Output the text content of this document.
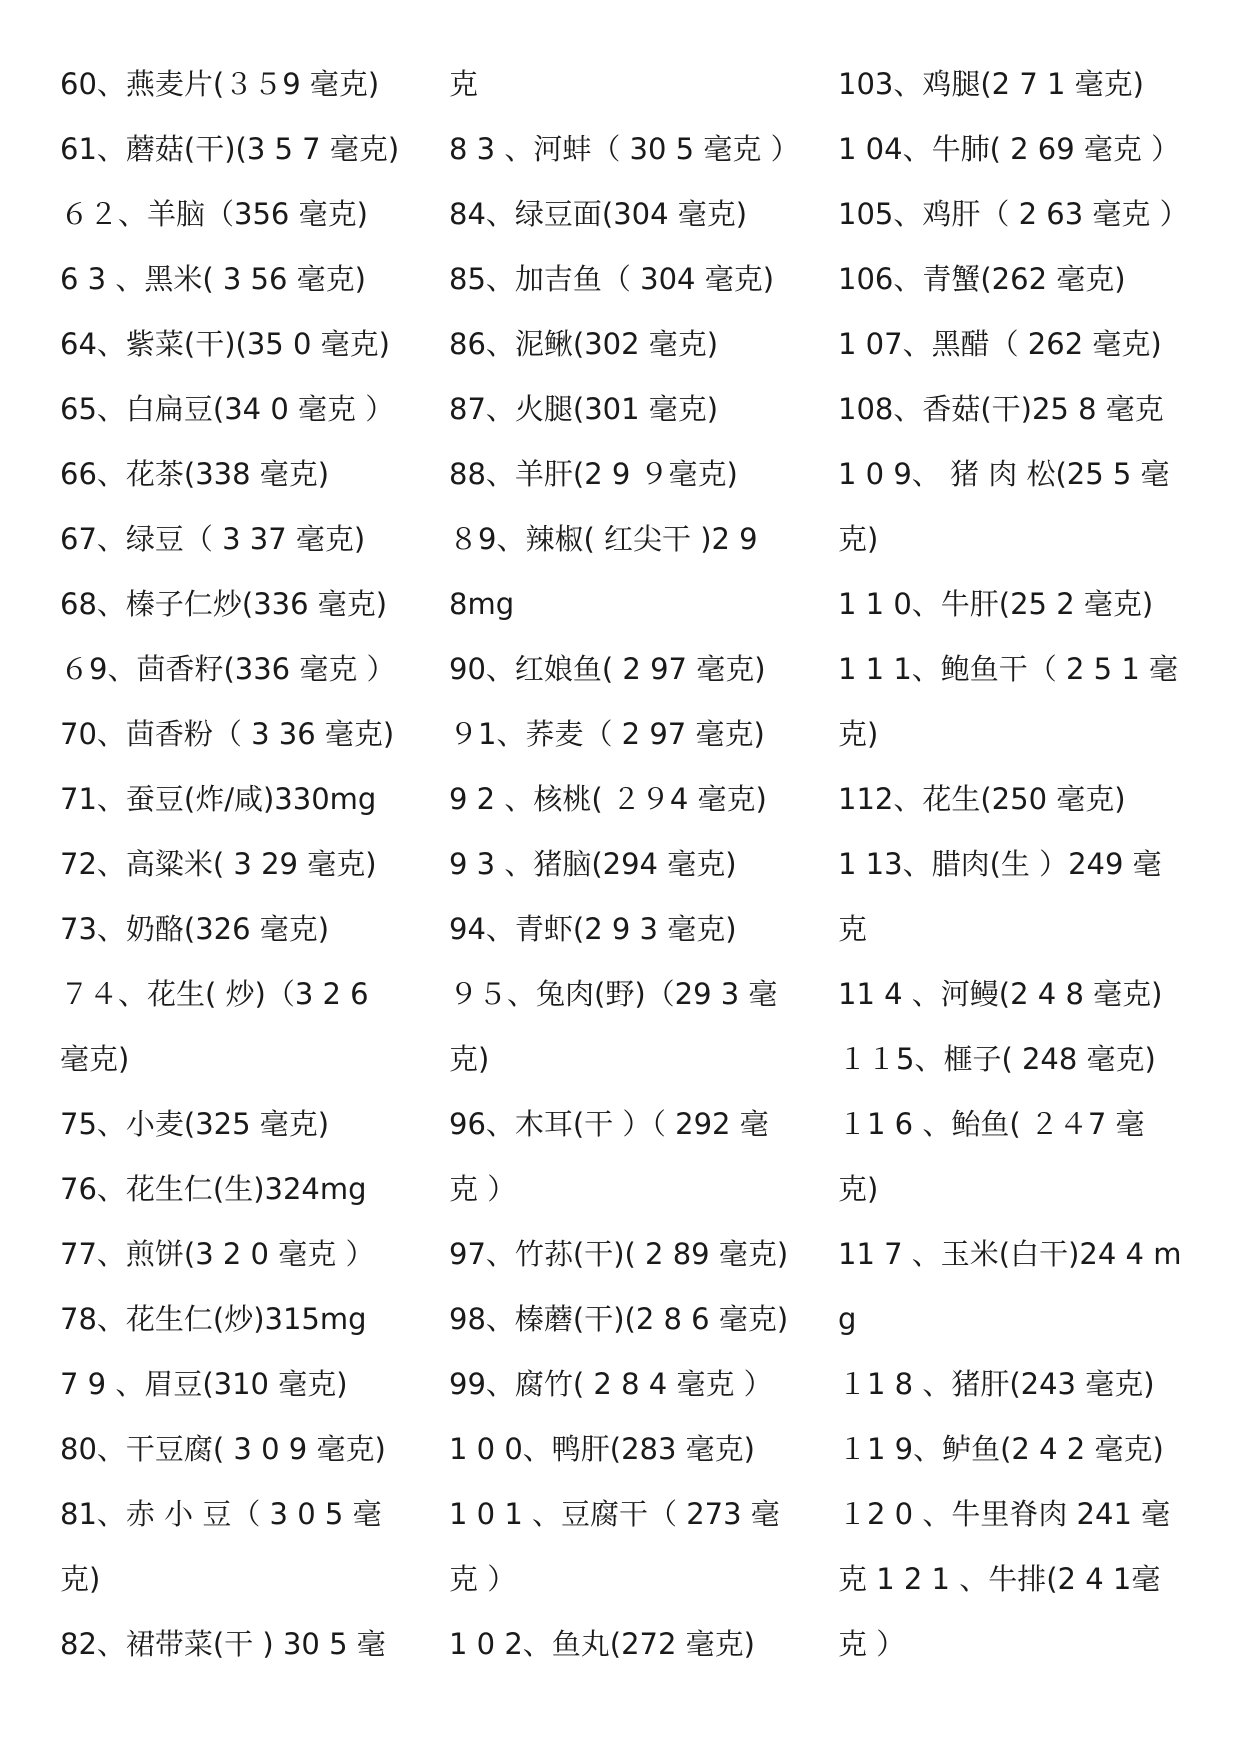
60、燕麦片(３５9 毫克)
61、蘑菇(干)(3 5 7 毫克)
６２、羊脑（356 毫克)
6 3 、黑米( 3 56 毫克)
64、紫菜(干)(35 0 毫克)
65、白扁豆(34 0 毫克 ）
66、花茶(338 毫克)
67、绿豆（ 3 37 毫克)
68、榛子仁炒(336 毫克)
６9、茴香籽(336 毫克 ）
70、茴香粉（ 3 36 毫克)
71、蚕豆(炸/咸)330mg
72、高粱米( 3 29 毫克)
73、奶酪(326 毫克)
７４、花生( 炒)（3 2 6
毫克)
75、小麦(325 毫克)
76、花生仁(生)324mg
77、煎饼(3 2 0 毫克 ）
78、花生仁(炒)315mg
7 9 、眉豆(310 毫克)
80、干豆腐( 3 0 9 毫克)
81、赤 小 豆（ 3 0 5 毫
克)
82、裙带菜(干 ) 30 5 毫
克
8 3 、河蚌（ 30 5 毫克 ）
84、绿豆面(304 毫克)
85、加吉鱼（ 304 毫克)
86、泥鳅(302 毫克)
87、火腿(301 毫克)
88、羊肝(2 9 ９毫克)
８9、辣椒( 红尖干 )2 9
8mg
90、红娘鱼( 2 97 毫克)
９1、荞麦（ 2 97 毫克)
9 2 、核桃( ２９4 毫克)
9 3 、猪脑(294 毫克)
94、青虾(2 9 3 毫克)
９５、兔肉(野)（29 3 毫
克)
96、木耳(干 ）（ 292 毫
克 ）
97、竹荪(干)( 2 89 毫克)
98、榛蘑(干)(2 8 6 毫克)
99、腐竹( 2 8 4 毫克 ）
1 0 0、鸭肝(283 毫克)
1 0 1 、豆腐干（ 273 毫
克 ）
1 0 2、鱼丸(272 毫克)
103、鸡腿(2 7 1 毫克)
1 04、牛肺( 2 69 毫克 ）
105、鸡肝（ 2 63 毫克 ）
106、青蟹(262 毫克)
1 07、黑醋（ 262 毫克)
108、香菇(干)25 8 毫克
1 0 9、 猪 肉 松(25 5 毫
克)
1 1 0、牛肝(25 2 毫克)
1 1 1、鲍鱼干（ 2 5 1 毫
克)
112、花生(250 毫克)
1 13、腊肉(生 ）249 毫
克
11 4 、河鳗(2 4 8 毫克)
１１5、榧子( 248 毫克)
１1 6 、鲐鱼( ２４7 毫
克)
11 7 、玉米(白干)24 4 m
g
１1 8 、猪肝(243 毫克)
１1 9、鲈鱼(2 4 2 毫克)
１2 0 、牛里脊肉 241 毫
克 1 2 1 、牛排(2 4 1毫
克 ）
